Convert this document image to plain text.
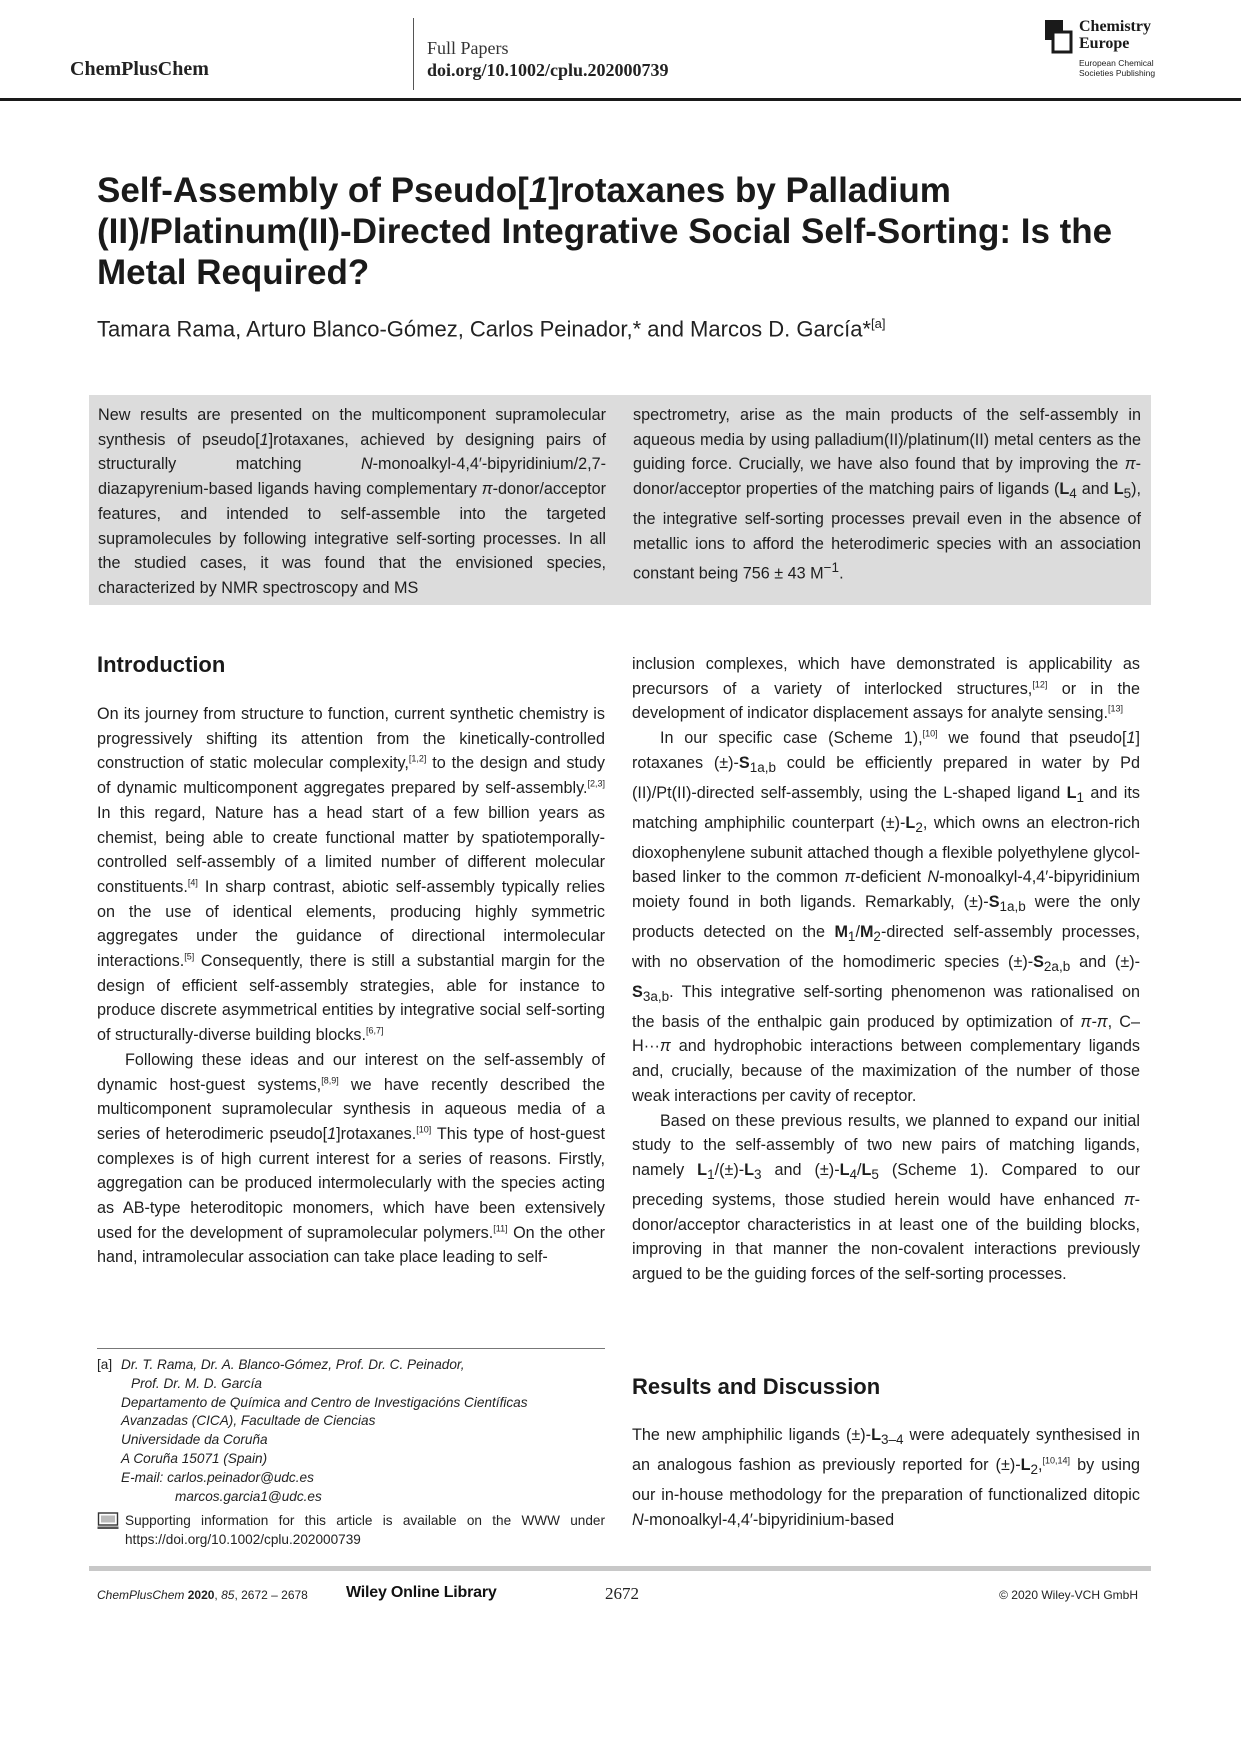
ChemPlusChem
Full Papers
doi.org/10.1002/cplu.202000739
Chemistry
Europe
European Chemical
Societies Publishing
Self-Assembly of Pseudo[1]rotaxanes by Palladium (II)/Platinum(II)-Directed Integrative Social Self-Sorting: Is the Metal Required?
Tamara Rama, Arturo Blanco-Gómez, Carlos Peinador,* and Marcos D. García*[a]

New results are presented on the multicomponent supramolecular synthesis of pseudo[1]rotaxanes, achieved by designing pairs of structurally matching N-monoalkyl-4,4′-bipyridinium/2,7-diazapyrenium-based ligands having complementary π-donor/acceptor features, and intended to self-assemble into the targeted supramolecules by following integrative self-sorting processes. In all the studied cases, it was found that the envisioned species, characterized by NMR spectroscopy and MS

spectrometry, arise as the main products of the self-assembly in aqueous media by using palladium(II)/platinum(II) metal centers as the guiding force. Crucially, we have also found that by improving the π-donor/acceptor properties of the matching pairs of ligands ($L_4$ and $L_5$), the integrative self-sorting processes prevail even in the absence of metallic ions to afford the heterodimeric species with an association constant being 756 ± 43 $M^{-1}$.

Introduction

On its journey from structure to function, current synthetic chemistry is progressively shifting its attention from the kinetically-controlled construction of static molecular complexity,[1,2] to the design and study of dynamic multicomponent aggregates prepared by self-assembly.[2,3] In this regard, Nature has a head start of a few billion years as chemist, being able to create functional matter by spatiotemporally-controlled self-assembly of a limited number of different molecular constituents.[4] In sharp contrast, abiotic self-assembly typically relies on the use of identical elements, producing highly symmetric aggregates under the guidance of directional intermolecular interactions.[5] Consequently, there is still a substantial margin for the design of efficient self-assembly strategies, able for instance to produce discrete asymmetrical entities by integrative social self-sorting of structurally-diverse building blocks.[6,7]

Following these ideas and our interest on the self-assembly of dynamic host-guest systems,[8,9] we have recently described the multicomponent supramolecular synthesis in aqueous media of a series of heterodimeric pseudo[1]rotaxanes.[10] This type of host-guest complexes is of high current interest for a series of reasons. Firstly, aggregation can be produced intermolecularly with the species acting as AB-type heteroditopic monomers, which have been extensively used for the development of supramolecular polymers.[11] On the other hand, intramolecular association can take place leading to self-

inclusion complexes, which have demonstrated is applicability as precursors of a variety of interlocked structures,[12] or in the development of indicator displacement assays for analyte sensing.[13]

In our specific case (Scheme 1),[10] we found that pseudo[1] rotaxanes $(\pm)-S_{1a,b}$ could be efficiently prepared in water by Pd (II)/Pt(II)-directed self-assembly, using the L-shaped ligand $L_1$ and its matching amphiphilic counterpart $(\pm)-L_2$, which owns an electron-rich dioxophenylene subunit attached though a flexible polyethylene glycol-based linker to the common π-deficient N-monoalkyl-4,4′-bipyridinium moiety found in both ligands. Remarkably, $(\pm)-S_{1a,b}$ were the only products detected on the $M_1/M_2$-directed self-assembly processes, with no observation of the homodimeric species $(\pm)-S_{2a,b}$ and $(\pm)-S_{3a,b}$. This integrative self-sorting phenomenon was rationalised on the basis of the enthalpic gain produced by optimization of π-π, C–H···π and hydrophobic interactions between complementary ligands and, crucially, because of the maximization of the number of those weak interactions per cavity of receptor.

Based on these previous results, we planned to expand our initial study to the self-assembly of two new pairs of matching ligands, namely $L_1/(\pm)-L_3$ and $(\pm)-L_4/L_5$ (Scheme 1). Compared to our preceding systems, those studied herein would have enhanced π-donor/acceptor characteristics in at least one of the building blocks, improving in that manner the non-covalent interactions previously argued to be the guiding forces of the self-sorting processes.

Results and Discussion

The new amphiphilic ligands $(\pm)-L_{3-4}$ were adequately synthesised in an analogous fashion as previously reported for $(\pm)-L_2,[10,14]$ by using our in-house methodology for the preparation of functionalized ditopic N-monoalkyl-4,4′-bipyridinium-based

[a] Dr. T. Rama, Dr. A. Blanco-Gómez, Prof. Dr. C. Peinador,
Prof. Dr. M. D. García
Departamento de Química and Centro de Investigacións Científicas
Avanzadas (CICA), Facultade de Ciencias
Universidade da Coruña
A Coruña 15071 (Spain)
E-mail: carlos.peinador@udc.es
marcos.garcia1@udc.es
Supporting information for this article is available on the WWW under https://doi.org/10.1002/cplu.202000739
ChemPlusChem 2020, 85, 2672 – 2678 Wiley Online Library	2672	© 2020 Wiley-VCH GmbH
